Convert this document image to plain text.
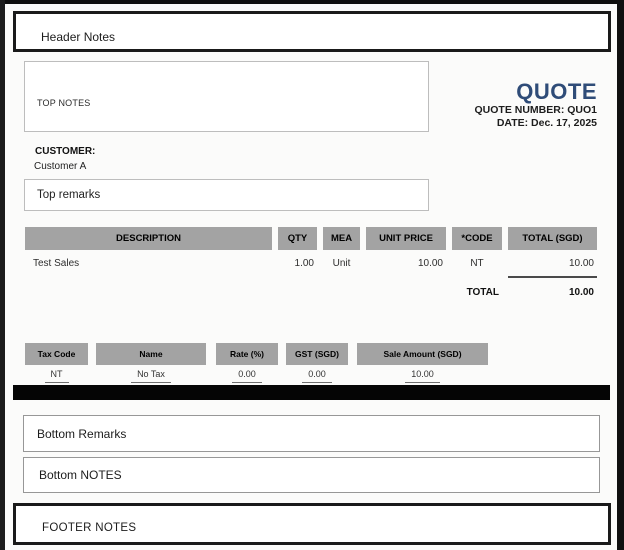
Header Notes
TOP NOTES	QUOTE
QUOTE NUMBER: QUO1
DATE: Dec. 17, 2025
CUSTOMER:
Customer A
Top remarks
DESCRIPTION	QTY	MEA	UNIT PRICE	*CODE	TOTAL (SGD)
Test Sales	1.00	Unit	10.00	NT	10.00
TOTAL	10.00
Tax Code	Name	Rate (%)	GST (SGD)	Sale Amount (SGD)
NT	No Tax	0.00	0.00	10.00
Bottom Remarks
Bottom NOTES
FOOTER NOTES
